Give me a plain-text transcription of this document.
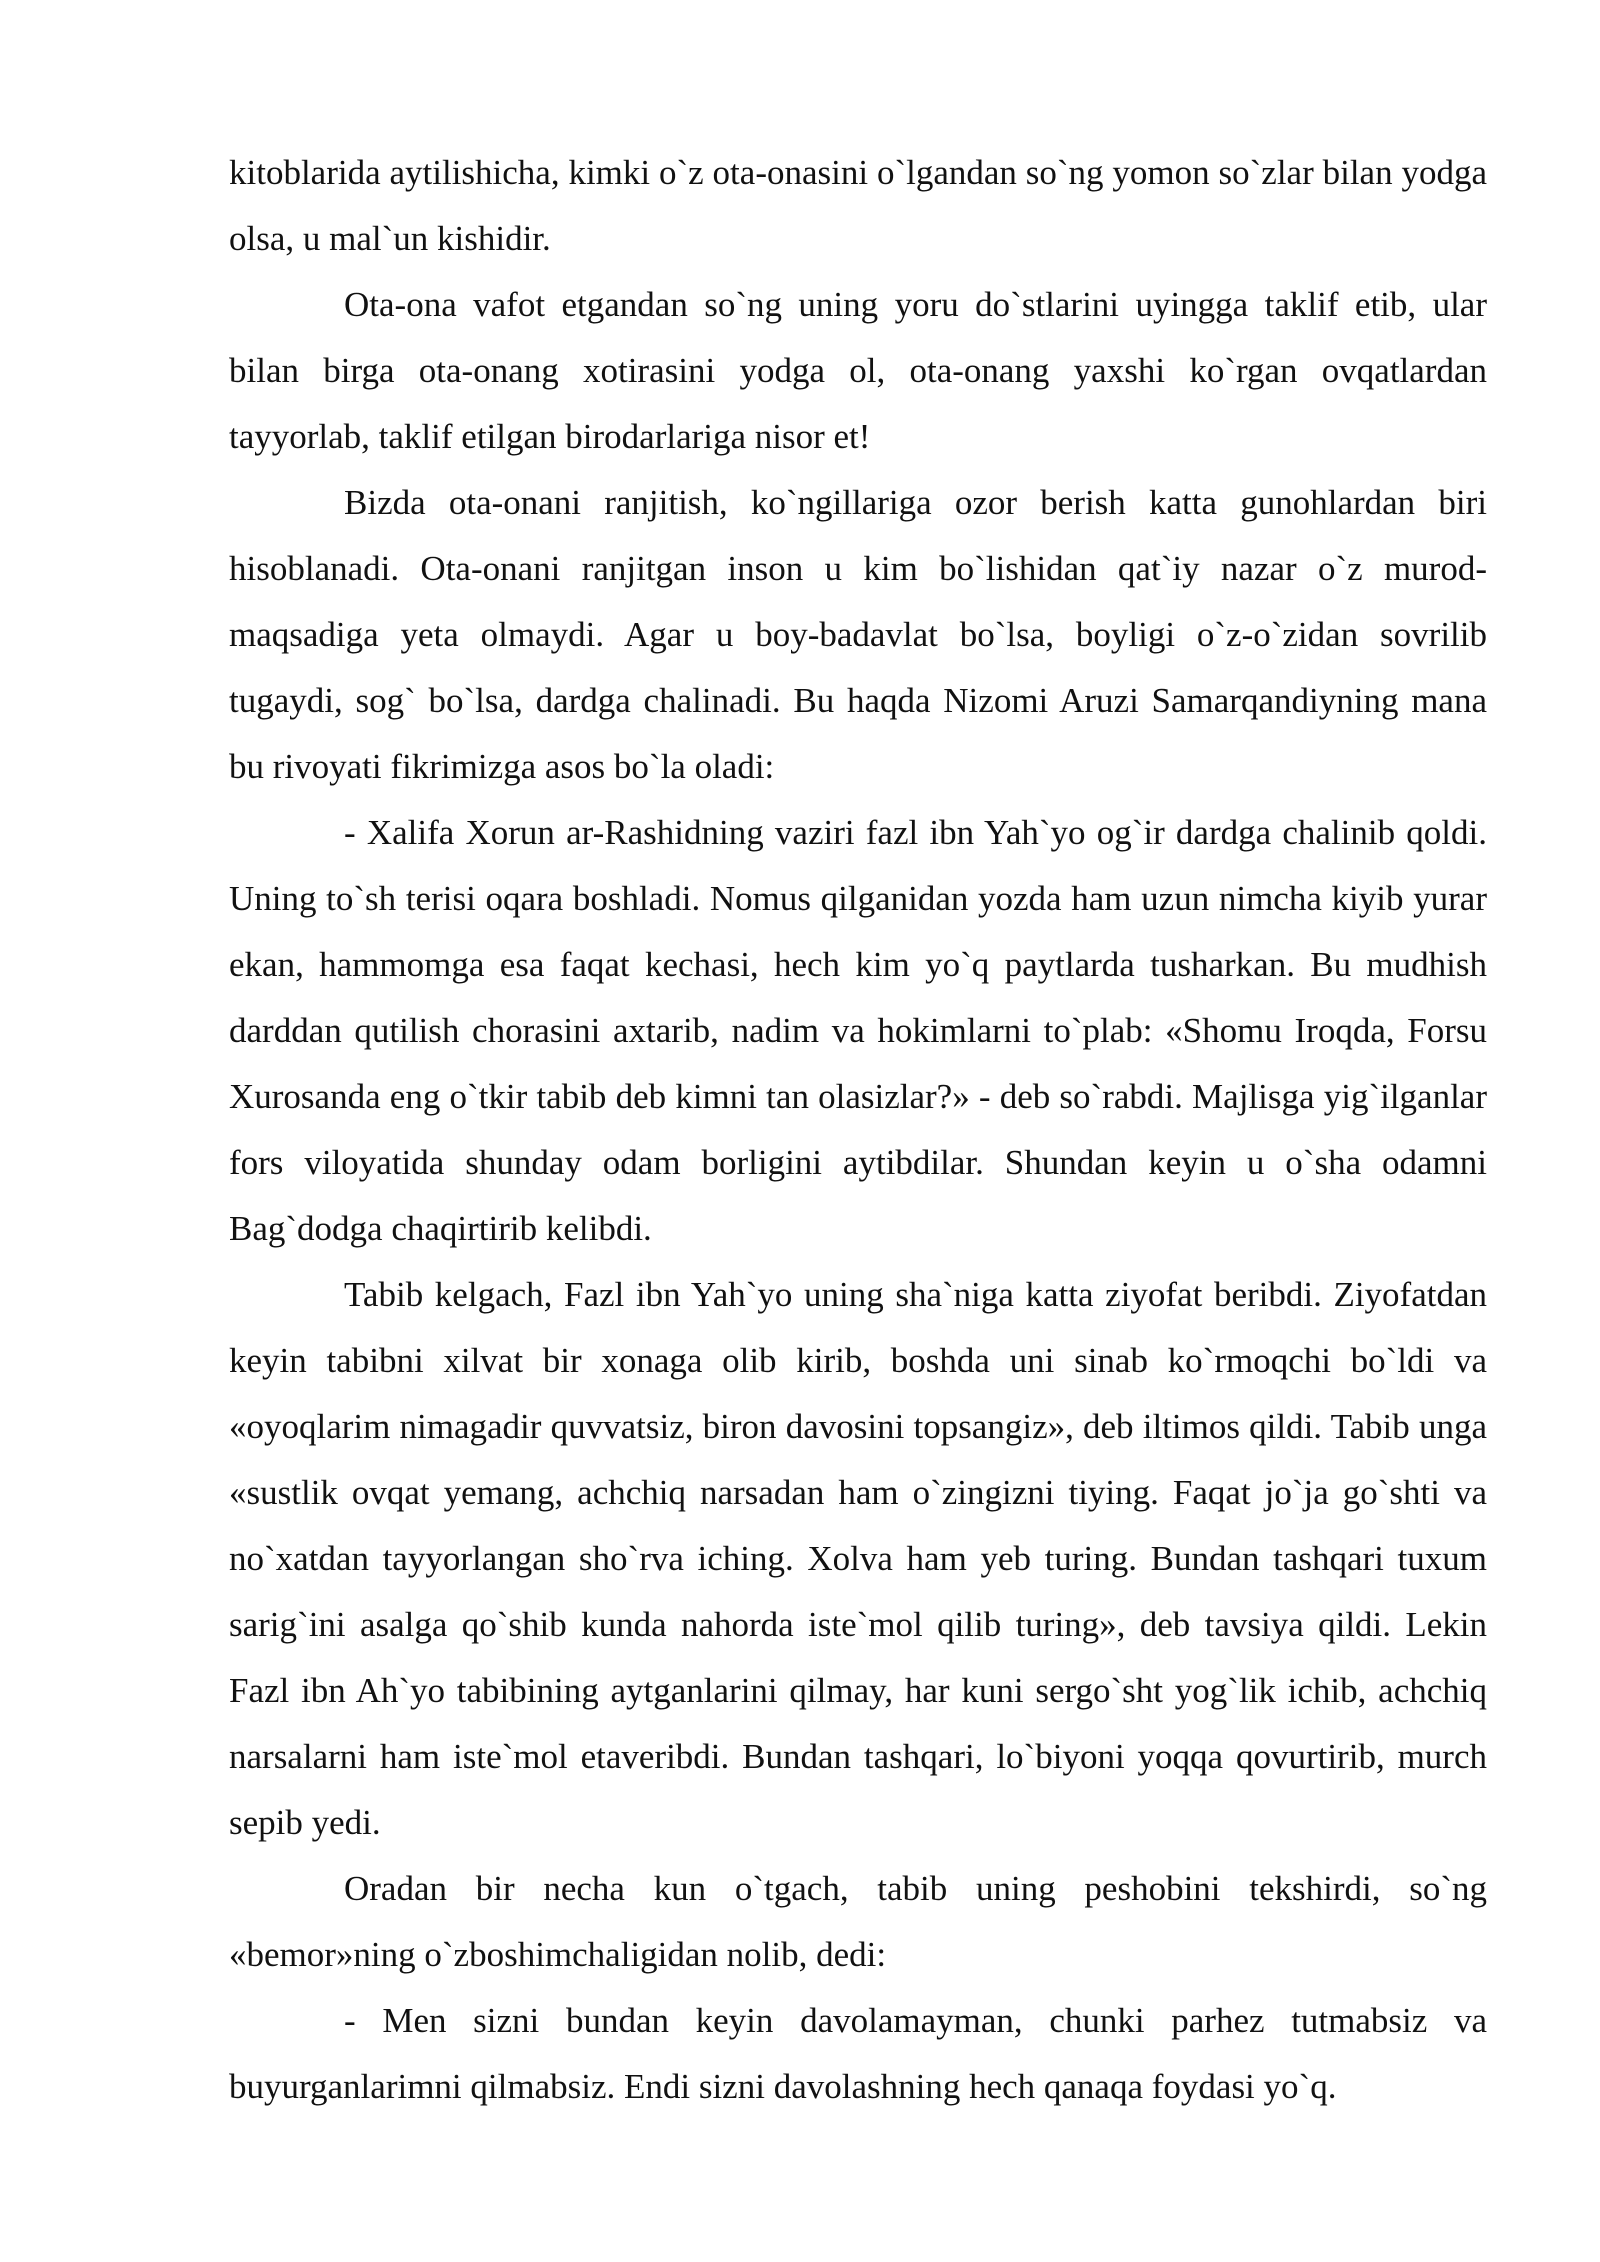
kitoblarida aytilishicha, kimki o`z ota-onasini o`lgandan so`ng yomon so`zlar bilan yodga olsa, u mal`un kishidir.

Ota-ona vafot etgandan so`ng uning yoru do`stlarini uyingga taklif etib, ular bilan birga ota-onang xotirasini yodga ol, ota-onang yaxshi ko`rgan ovqatlardan tayyorlab, taklif etilgan birodarlariga nisor et!

Bizda ota-onani ranjitish, ko`ngillariga ozor berish katta gunohlardan biri hisoblanadi. Ota-onani ranjitgan inson u kim bo`lishidan qat`iy nazar o`z murod-maqsadiga yeta olmaydi. Agar u boy-badavlat bo`lsa, boyligi o`z-o`zidan sovrilib tugaydi, sog` bo`lsa, dardga chalinadi. Bu haqda Nizomi Aruzi Samarqandiyning mana bu rivoyati fikrimizga asos bo`la oladi:

- Xalifa Xorun ar-Rashidning vaziri fazl ibn Yah`yo og`ir dardga chalinib qoldi. Uning to`sh terisi oqara boshladi. Nomus qilganidan yozda ham uzun nimcha kiyib yurar ekan, hammomga esa faqat kechasi, hech kim yo`q paytlarda tusharkan. Bu mudhish darddan qutilish chorasini axtarib, nadim va hokimlarni to`plab: «Shomu Iroqda, Forsu Xurosanda eng o`tkir tabib deb kimni tan olasizlar?» - deb so`rabdi. Majlisga yig`ilganlar fors viloyatida shunday odam borligini aytibdilar. Shundan keyin u o`sha odamni Bag`dodga chaqirtirib kelibdi.

Tabib kelgach, Fazl ibn Yah`yo uning sha`niga katta ziyofat beribdi. Ziyofatdan keyin tabibni xilvat bir xonaga olib kirib, boshda uni sinab ko`rmoqchi bo`ldi va «oyoqlarim nimagadir quvvatsiz, biron davosini topsangiz», deb iltimos qildi. Tabib unga «sustlik ovqat yemang, achchiq narsadan ham o`zingizni tiying. Faqat jo`ja go`shti va no`xatdan tayyorlangan sho`rva iching. Xolva ham yeb turing. Bundan tashqari tuxum sarig`ini asalga qo`shib kunda nahorda iste`mol qilib turing», deb tavsiya qildi. Lekin Fazl ibn Ah`yo tabibining aytganlarini qilmay, har kuni sergo`sht yog`lik ichib, achchiq narsalarni ham iste`mol etaveribdi. Bundan tashqari, lo`biyoni yoqqa qovurtirib, murch sepib yedi.

Oradan bir necha kun o`tgach, tabib uning peshobini tekshirdi, so`ng «bemor»ning o`zboshimchaligidan nolib, dedi:

- Men sizni bundan keyin davolamayman, chunki parhez tutmabsiz va buyurganlarimni qilmabsiz. Endi sizni davolashning hech qanaqa foydasi yo`q.
